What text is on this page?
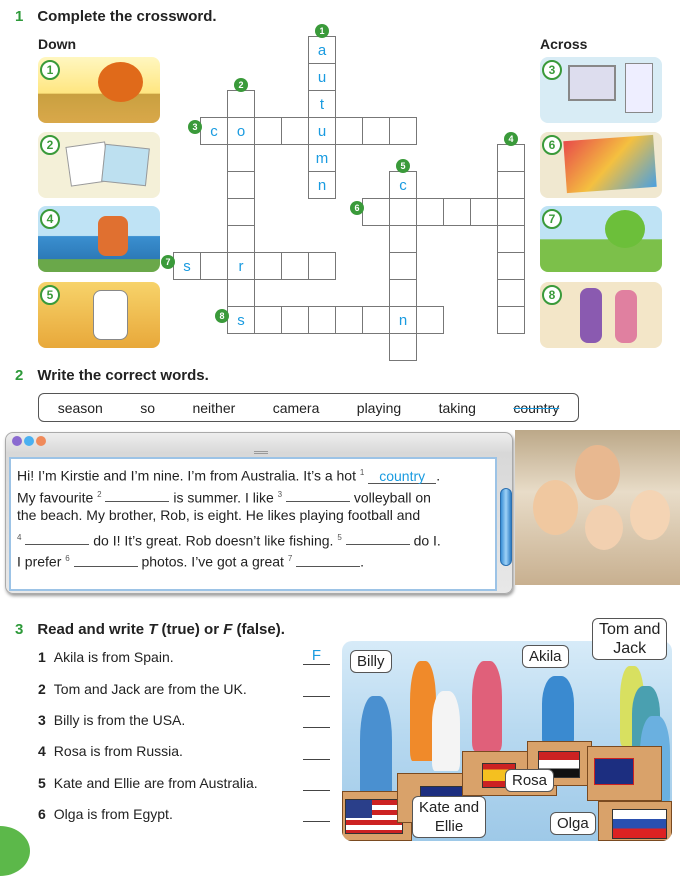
1 Complete the crossword.
Down	Across
1
2
4
5
3
6
7
8
a
u
t
u
m
n
1
o
r
2
c
3
4
c
n
5
6
s
7
s
8
2 Write the correct words.
season	so	neither	camera	playing	taking	country
Hi! I’m Kirstie and I’m nine. I’m from Australia. It’s a hot $^1$ country .
My favourite $^2$	is summer. I like $^3$	volleyball on
the beach. My brother, Rob, is eight. He likes playing football and
$^4$	do I! It’s great. Rob doesn’t like fishing. $^5$	do I.
I prefer $^6$	photos. I’ve got a great $^7$	.
3 Read and write T (true) or F (false).
1 Akila is from Spain.	F
2 Tom and Jack are from the UK.
3 Billy is from the USA.
4 Rosa is from Russia.
5 Kate and Ellie are from Australia.
6 Olga is from Egypt.
Billy	Akila
Rosa
Kate and
Ellie	Olga
Tom and
Jack
